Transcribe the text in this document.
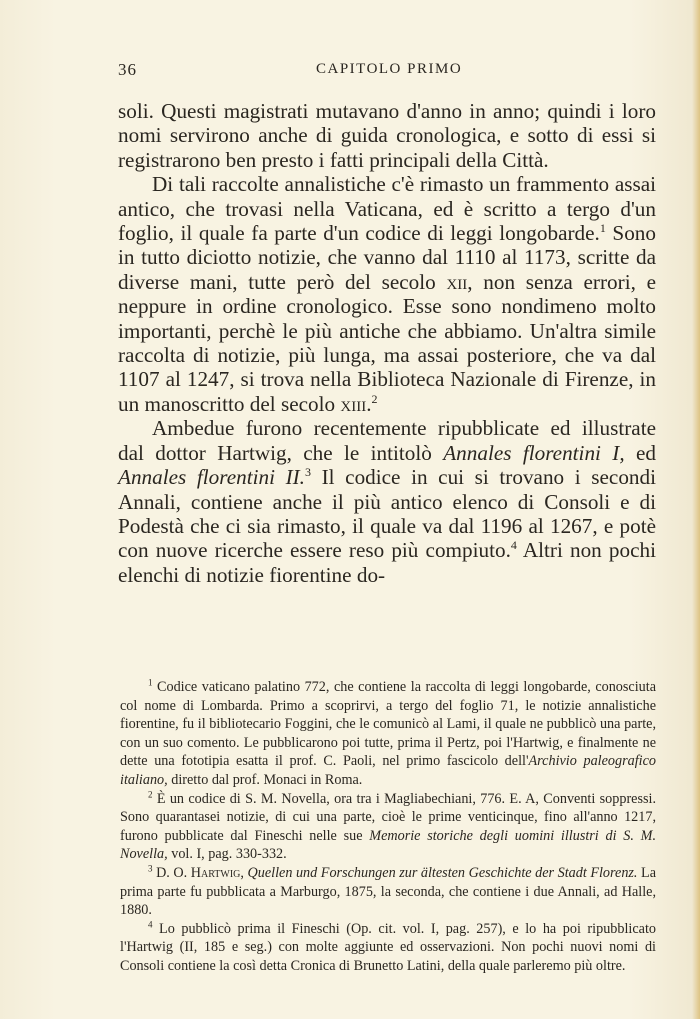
36	CAPITOLO PRIMO

soli. Questi magistrati mutavano d'anno in anno; quindi i loro nomi servirono anche di guida cronologica, e sotto di essi si registrarono ben presto i fatti principali della Città.

Di tali raccolte annalistiche c'è rimasto un frammento assai antico, che trovasi nella Vaticana, ed è scritto a tergo d'un foglio, il quale fa parte d'un codice di leggi longobarde.$^1$ Sono in tutto diciotto notizie, che vanno dal 1110 al 1173, scritte da diverse mani, tutte però del secolo xii, non senza errori, e neppure in ordine cronologico. Esse sono nondimeno molto importanti, perchè le più antiche che abbiamo. Un'altra simile raccolta di notizie, più lunga, ma assai posteriore, che va dal 1107 al 1247, si trova nella Biblioteca Nazionale di Firenze, in un manoscritto del secolo xiii.$^2$

Ambedue furono recentemente ripubblicate ed illustrate dal dottor Hartwig, che le intitolò Annales florentini I, ed Annales florentini II.$^3$ Il codice in cui si trovano i secondi Annali, contiene anche il più antico elenco di Consoli e di Podestà che ci sia rimasto, il quale va dal 1196 al 1267, e potè con nuove ricerche essere reso più compiuto.$^4$ Altri non pochi elenchi di notizie fiorentine do-

$^1$ Codice vaticano palatino 772, che contiene la raccolta di leggi longobarde, conosciuta col nome di Lombarda. Primo a scoprirvi, a tergo del foglio 71, le notizie annalistiche fiorentine, fu il bibliotecario Foggini, che le comunicò al Lami, il quale ne pubblicò una parte, con un suo comento. Le pubblicarono poi tutte, prima il Pertz, poi l'Hartwig, e finalmente ne dette una fototipia esatta il prof. C. Paoli, nel primo fascicolo dell'Archivio paleografico italiano, diretto dal prof. Monaci in Roma.

$^2$ È un codice di S. M. Novella, ora tra i Magliabechiani, 776. E. A, Conventi soppressi. Sono quarantasei notizie, di cui una parte, cioè le prime venticinque, fino all'anno 1217, furono pubblicate dal Fineschi nelle sue Memorie storiche degli uomini illustri di S. M. Novella, vol. I, pag. 330-332.

$^3$ D. O. Hartwig, Quellen und Forschungen zur ältesten Geschichte der Stadt Florenz. La prima parte fu pubblicata a Marburgo, 1875, la seconda, che contiene i due Annali, ad Halle, 1880.

$^4$ Lo pubblicò prima il Fineschi (Op. cit. vol. I, pag. 257), e lo ha poi ripubblicato l'Hartwig (II, 185 e seg.) con molte aggiunte ed osservazioni. Non pochi nuovi nomi di Consoli contiene la così detta Cronica di Brunetto Latini, della quale parleremo più oltre.
